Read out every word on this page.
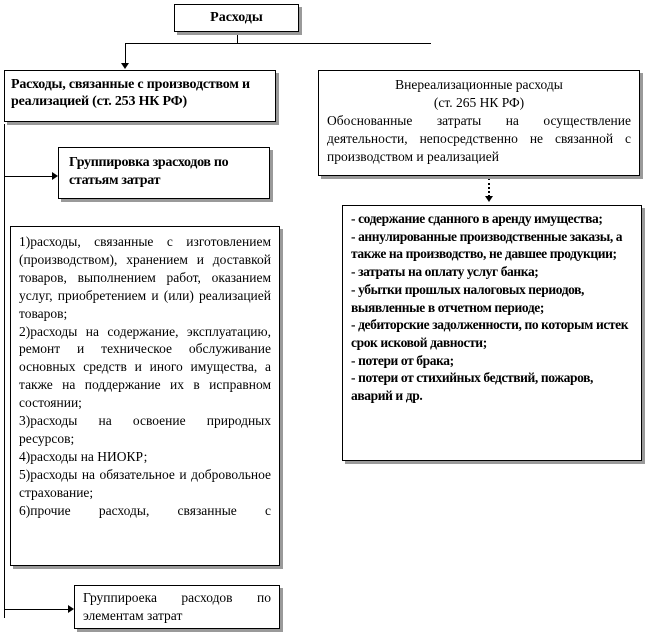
Расходы
Расходы, связанные с производством и реализацией (ст. 253 НК РФ)
Внереализационные расходы
(ст. 265 НК РФ)
Обоснованные затраты на осуществление деятельности, непосредственно не связанной с производством и реализацией
Группировка зрасходов по статьям затрат
1)расходы, связанные с изготовлением (производством), хранением и доставкой товаров, выполнением работ, оказанием услуг, приобретением и (или) реализацией товаров;
2)расходы на содержание, эксплуатацию, ремонт и техническое обслуживание основных средств и иного имущества, а также на поддержание их в исправном состоянии;
3)расходы на освоение природных ресурсов;
4)расходы на НИОКР;
5)расходы на обязательное и добровольное страхование;
6)прочие расходы, связанные с
- содержание сданного в аренду имущества;
- аннулированные производственные заказы, а также на производство, не давшее продукции;
- затраты на оплату услуг банка;
- убытки прошлых налоговых периодов, выявленные в отчетном периоде;
- дебиторские задолженности, по которым истек срок исковой давности;
- потери от брака;
- потери от стихийных бедствий, пожаров, аварий и др.
Группироека расходов по элементам затрат
